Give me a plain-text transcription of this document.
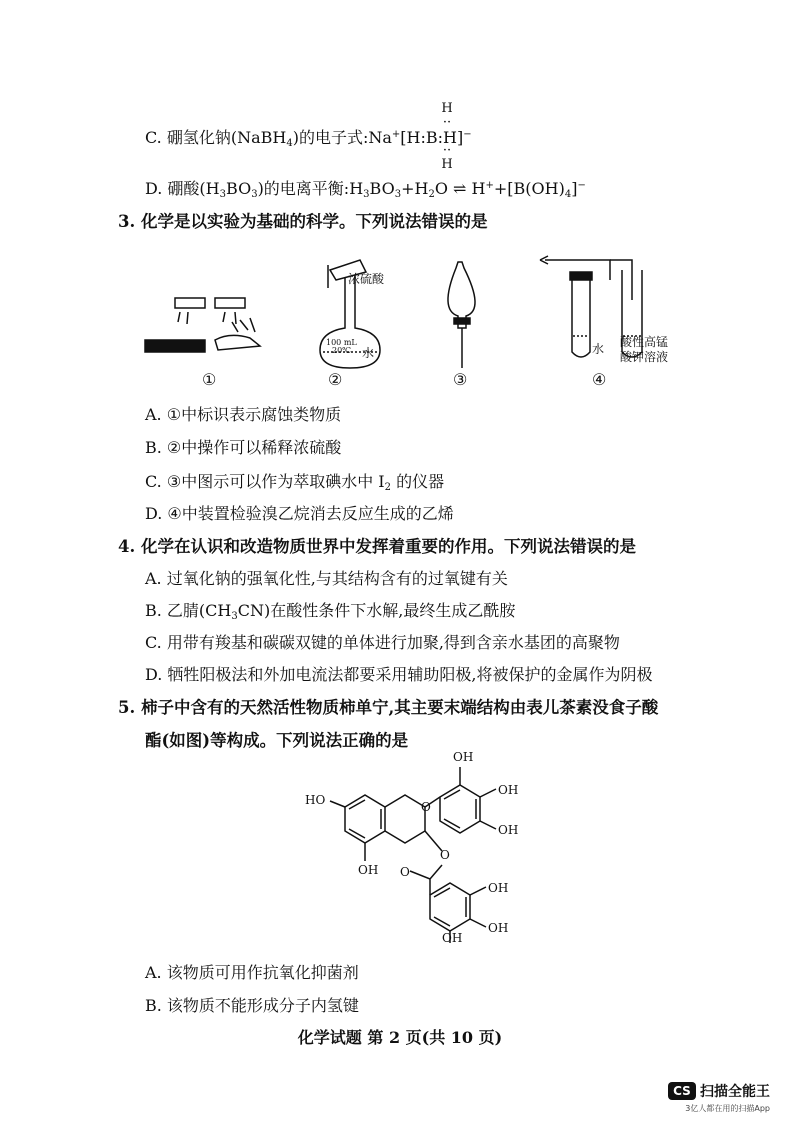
C. 硼氢化钠(NaBH$_4$)的电子式:Na+[H:B:H]−
H
··
··
H
D. 硼酸$(H_3BO_3)$的电离平衡$:H_3BO_3+H_2O$ ⇌ $H^++[B(OH)_4]^-$
3. 化学是以实验为基础的科学。下列说法错误的是
浓硫酸
100 mL
20℃ 水	水 酸性高锰
酸钾溶液
①	②	③	④
A. ①中标识表示腐蚀类物质
B. ②中操作可以稀释浓硫酸
C. ③中图示可以作为萃取碘水中 $I_2$ 的仪器
D. ④中装置检验溴乙烷消去反应生成的乙烯
4. 化学在认识和改造物质世界中发挥着重要的作用。下列说法错误的是
A. 过氧化钠的强氧化性,与其结构含有的过氧键有关
B. 乙腈$(CH_3CN)$在酸性条件下水解,最终生成乙酰胺
C. 用带有羧基和碳碳双键的单体进行加聚,得到含亲水基团的高聚物
D. 牺牲阳极法和外加电流法都要采用辅助阳极,将被保护的金属作为阴极
5. 柿子中含有的天然活性物质柿单宁,其主要末端结构由表儿茶素没食子酸
酯(如图)等构成。下列说法正确的是
OH
HO
OH
OH
OH
OH
OH
OH
O
O
O
A. 该物质可用作抗氧化抑菌剂
B. 该物质不能形成分子内氢键
化学试题 第 2 页(共 10 页)
CS 扫描全能王
3亿人都在用的扫描App
